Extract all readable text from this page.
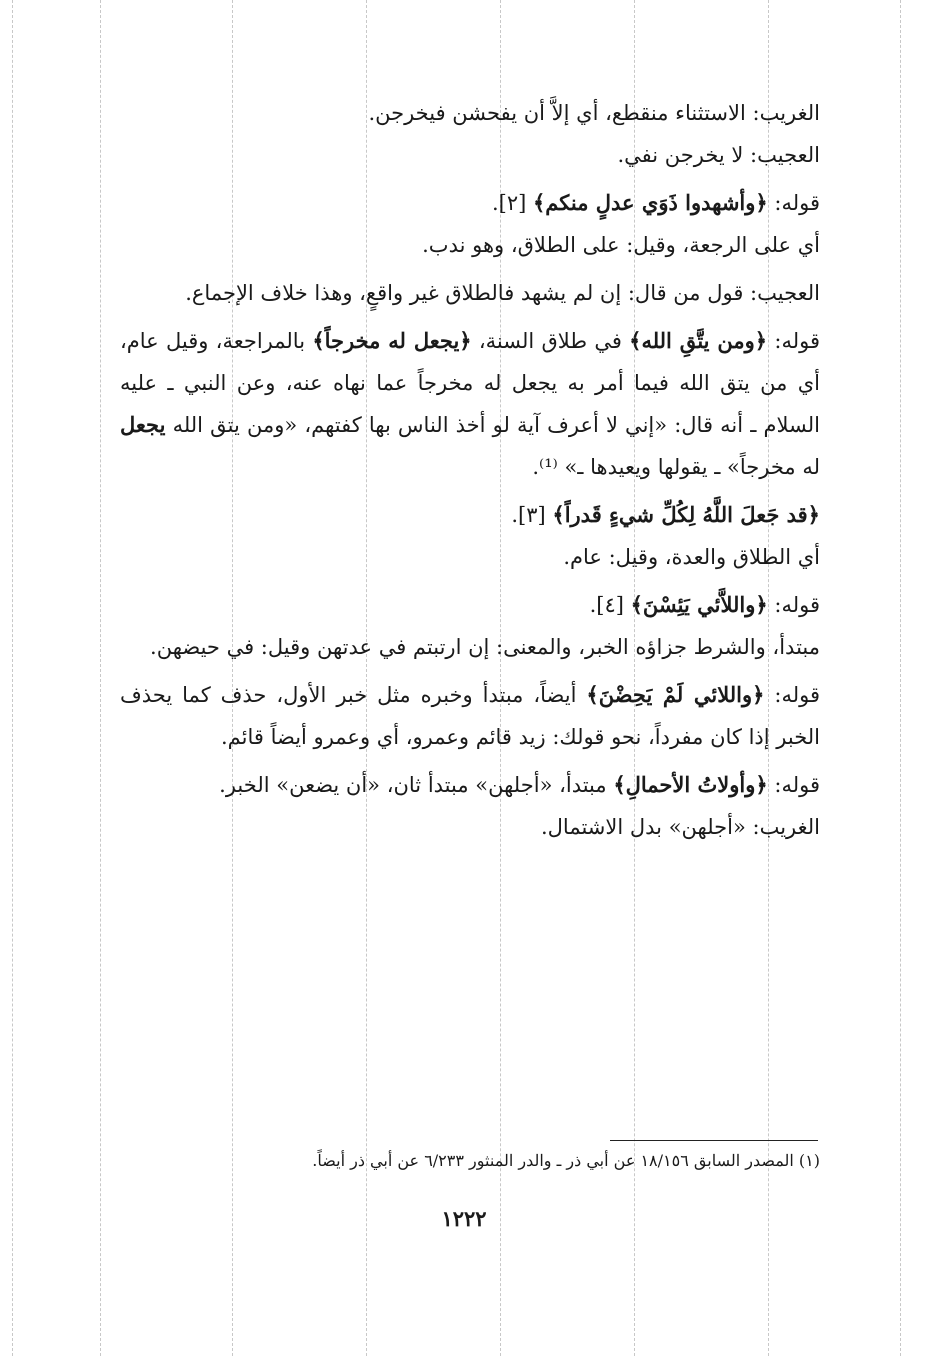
الغريب: الاستثناء منقطع، أي إلاَّ أن يفحشن فيخرجن.

العجيب: لا يخرجن نفي.

قوله: ﴿وأشهدوا ذَوَي عدلٍ منكم﴾ [٢].

أي على الرجعة، وقيل: على الطلاق، وهو ندب.

العجيب: قول من قال: إن لم يشهد فالطلاق غير واقعٍ، وهذا خلاف الإجماع.

قوله: ﴿ومن يتَّقِ الله﴾ في طلاق السنة، ﴿يجعل له مخرجاً﴾ بالمراجعة، وقيل عام، أي من يتق الله فيما أمر به يجعل له مخرجاً عما نهاه عنه، وعن النبي ـ عليه السلام ـ أنه قال: «إني لا أعرف آية لو أخذ الناس بها كفتهم، «ومن يتق الله يجعل له مخرجاً» ـ يقولها ويعيدها ـ» ⁽¹⁾.

﴿قد جَعلَ اللَّهُ لِكُلِّ شيءٍ قَدراً﴾ [٣].

أي الطلاق والعدة، وقيل: عام.

قوله: ﴿واللاَّئي يَئِسْنَ﴾ [٤].

مبتدأ، والشرط جزاؤه الخبر، والمعنى: إن ارتبتم في عدتهن وقيل: في حيضهن.

قوله: ﴿واللائي لَمْ يَحِضْنَ﴾ أيضاً، مبتدأ وخبره مثل خبر الأول، حذف كما يحذف الخبر إذا كان مفرداً، نحو قولك: زيد قائم وعمرو، أي وعمرو أيضاً قائم.

قوله: ﴿وأولاتُ الأحمالِ﴾ مبتدأ، «أجلهن» مبتدأ ثان، «أن يضعن» الخبر.

الغريب: «أجلهن» بدل الاشتمال.

(١) المصدر السابق ١٨/١٥٦ عن أبي ذر ـ والدر المنثور ٦/٢٣٣ عن أبي ذر أيضاً.
١٢٢٢
